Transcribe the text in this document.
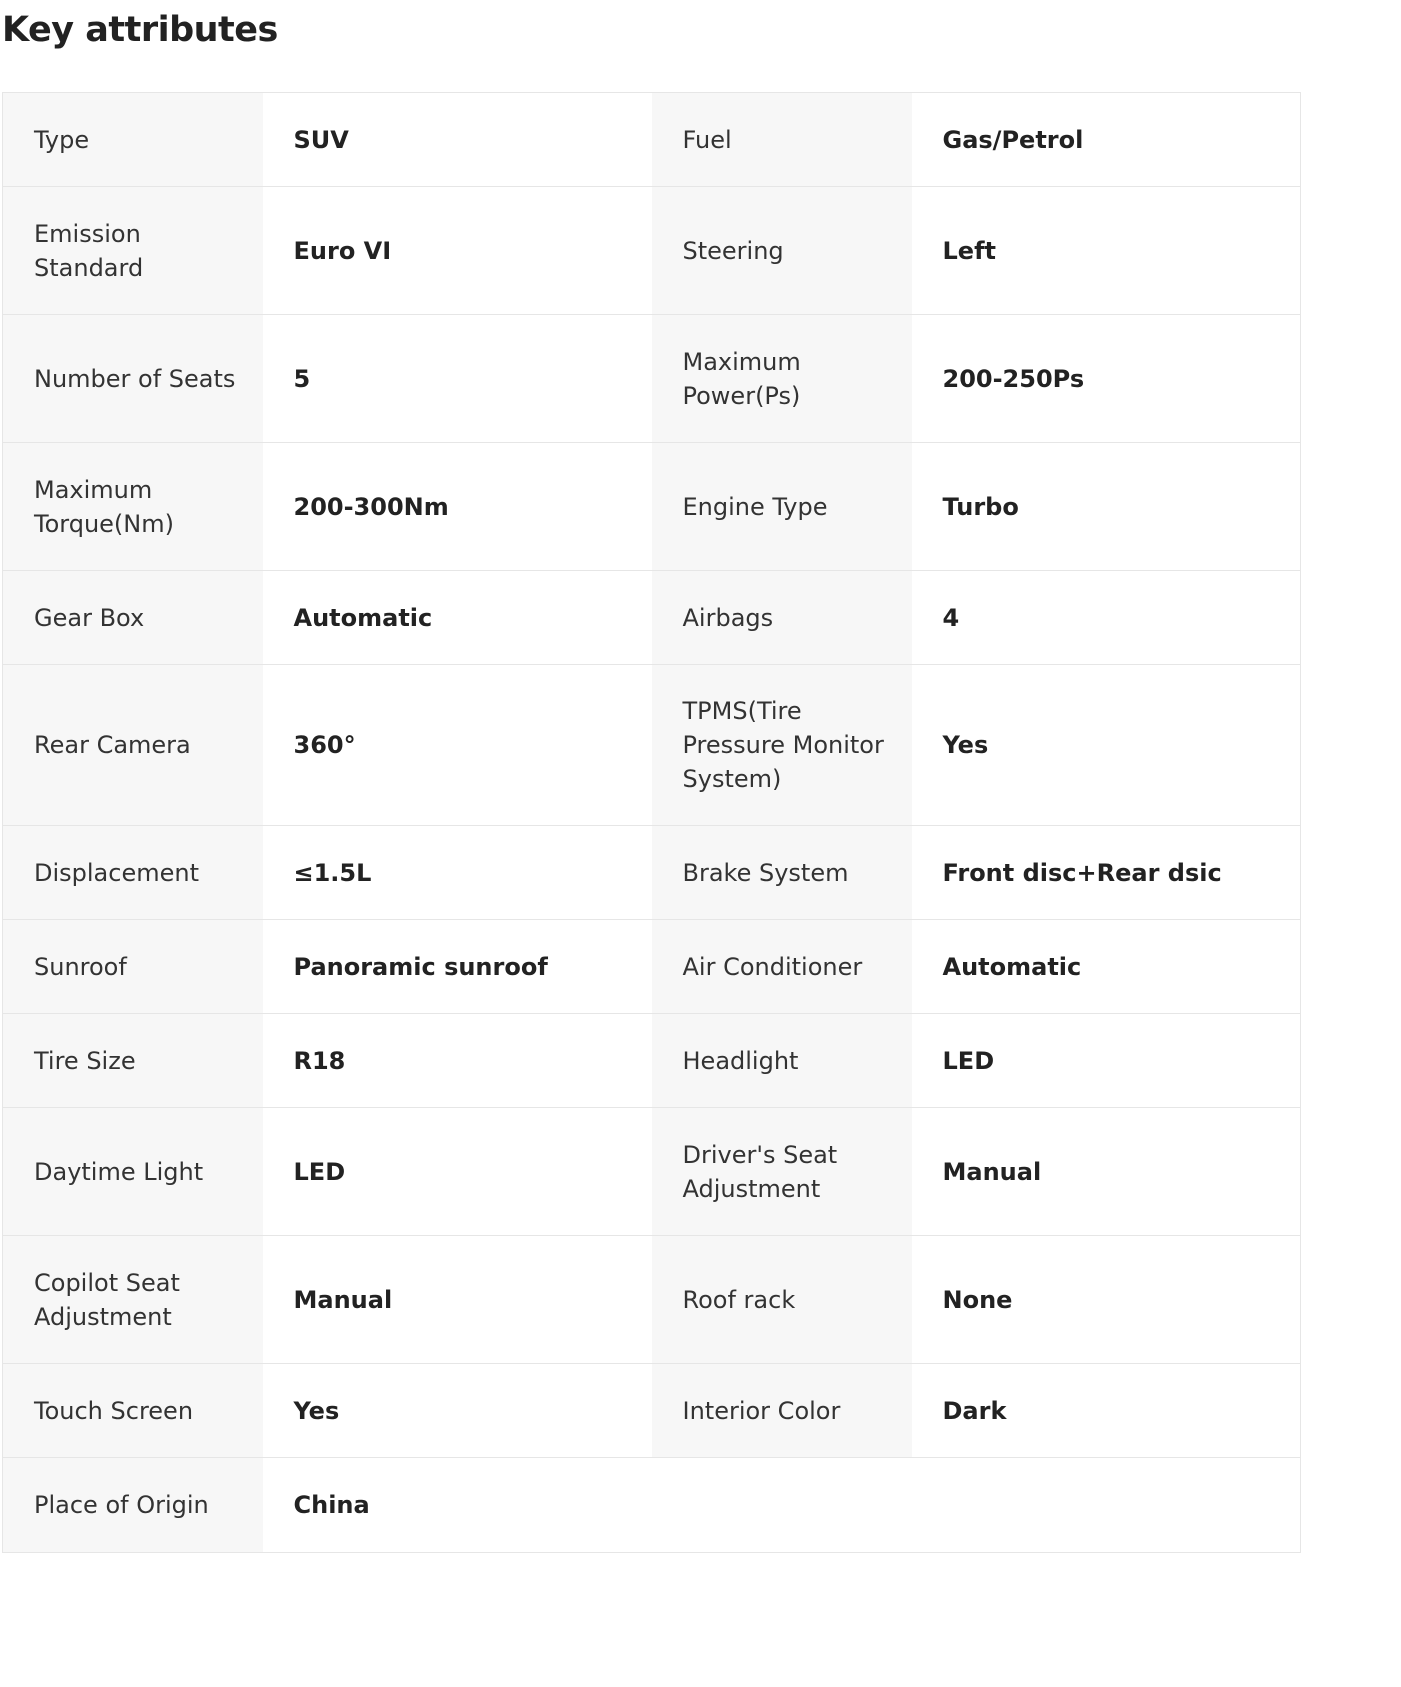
Key attributes
Type	SUV	Fuel	Gas/Petrol
Emission Standard	Euro VI	Steering	Left
Number of Seats	5	Maximum Power(Ps)	200-250Ps
Maximum Torque(Nm)	200-300Nm	Engine Type	Turbo
Gear Box	Automatic	Airbags	4
Rear Camera	360°	TPMS(Tire Pressure Monitor System)	Yes
Displacement	≤1.5L	Brake System	Front disc+Rear dsic
Sunroof	Panoramic sunroof	Air Conditioner	Automatic
Tire Size	R18	Headlight	LED
Daytime Light	LED	Driver's Seat Adjustment	Manual
Copilot Seat Adjustment	Manual	Roof rack	None
Touch Screen	Yes	Interior Color	Dark
Place of Origin	China		
